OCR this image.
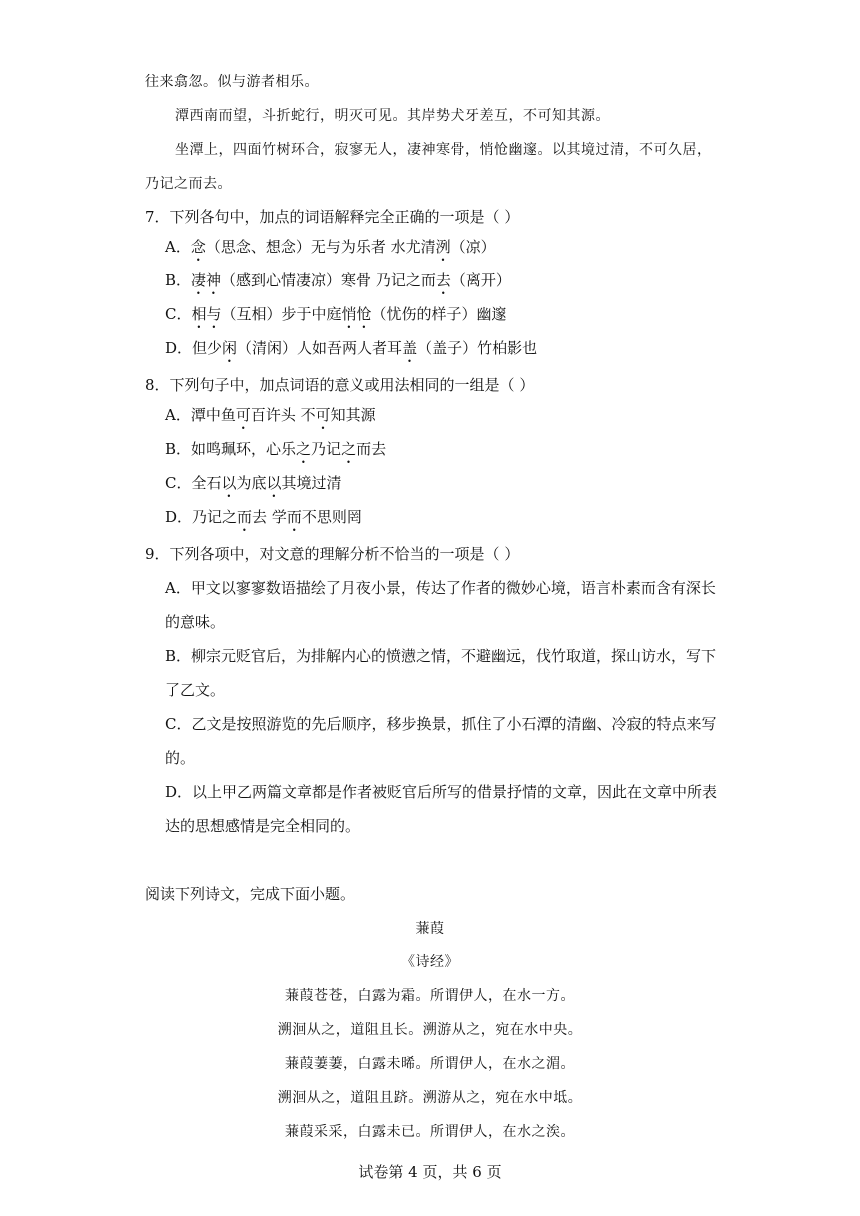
往来翕忽。似与游者相乐。
潭西南而望，斗折蛇行，明灭可见。其岸势犬牙差互，不可知其源。
坐潭上，四面竹树环合，寂寥无人，凄神寒骨，悄怆幽邃。以其境过清，不可久居，
乃记之而去。
7．下列各句中，加点的词语解释完全正确的一项是（ ）
A．念（思念、想念）无与为乐者 水尤清洌（凉）
B．凄神（感到心情凄凉）寒骨 乃记之而去（离开）
C．相与（互相）步于中庭悄怆（忧伤的样子）幽邃
D．但少闲（清闲）人如吾两人者耳盖（盖子）竹柏影也
8．下列句子中，加点词语的意义或用法相同的一组是（ ）
A．潭中鱼可百许头 不可知其源
B．如鸣珮环，心乐之乃记之而去
C．全石以为底以其境过清
D．乃记之而去 学而不思则罔
9．下列各项中，对文意的理解分析不恰当的一项是（ ）
A．甲文以寥寥数语描绘了月夜小景，传达了作者的微妙心境，语言朴素而含有深长
的意味。
B．柳宗元贬官后，为排解内心的愤懑之情，不避幽远，伐竹取道，探山访水，写下
了乙文。
C．乙文是按照游览的先后顺序，移步换景，抓住了小石潭的清幽、冷寂的特点来写
的。
D．以上甲乙两篇文章都是作者被贬官后所写的借景抒情的文章，因此在文章中所表
达的思想感情是完全相同的。
阅读下列诗文，完成下面小题。
蒹葭
《诗经》
蒹葭苍苍，白露为霜。所谓伊人，在水一方。
溯洄从之，道阻且长。溯游从之，宛在水中央。
蒹葭萋萋，白露未晞。所谓伊人，在水之湄。
溯洄从之，道阻且跻。溯游从之，宛在水中坻。
蒹葭采采，白露未已。所谓伊人，在水之涘。
试卷第 4 页，共 6 页
